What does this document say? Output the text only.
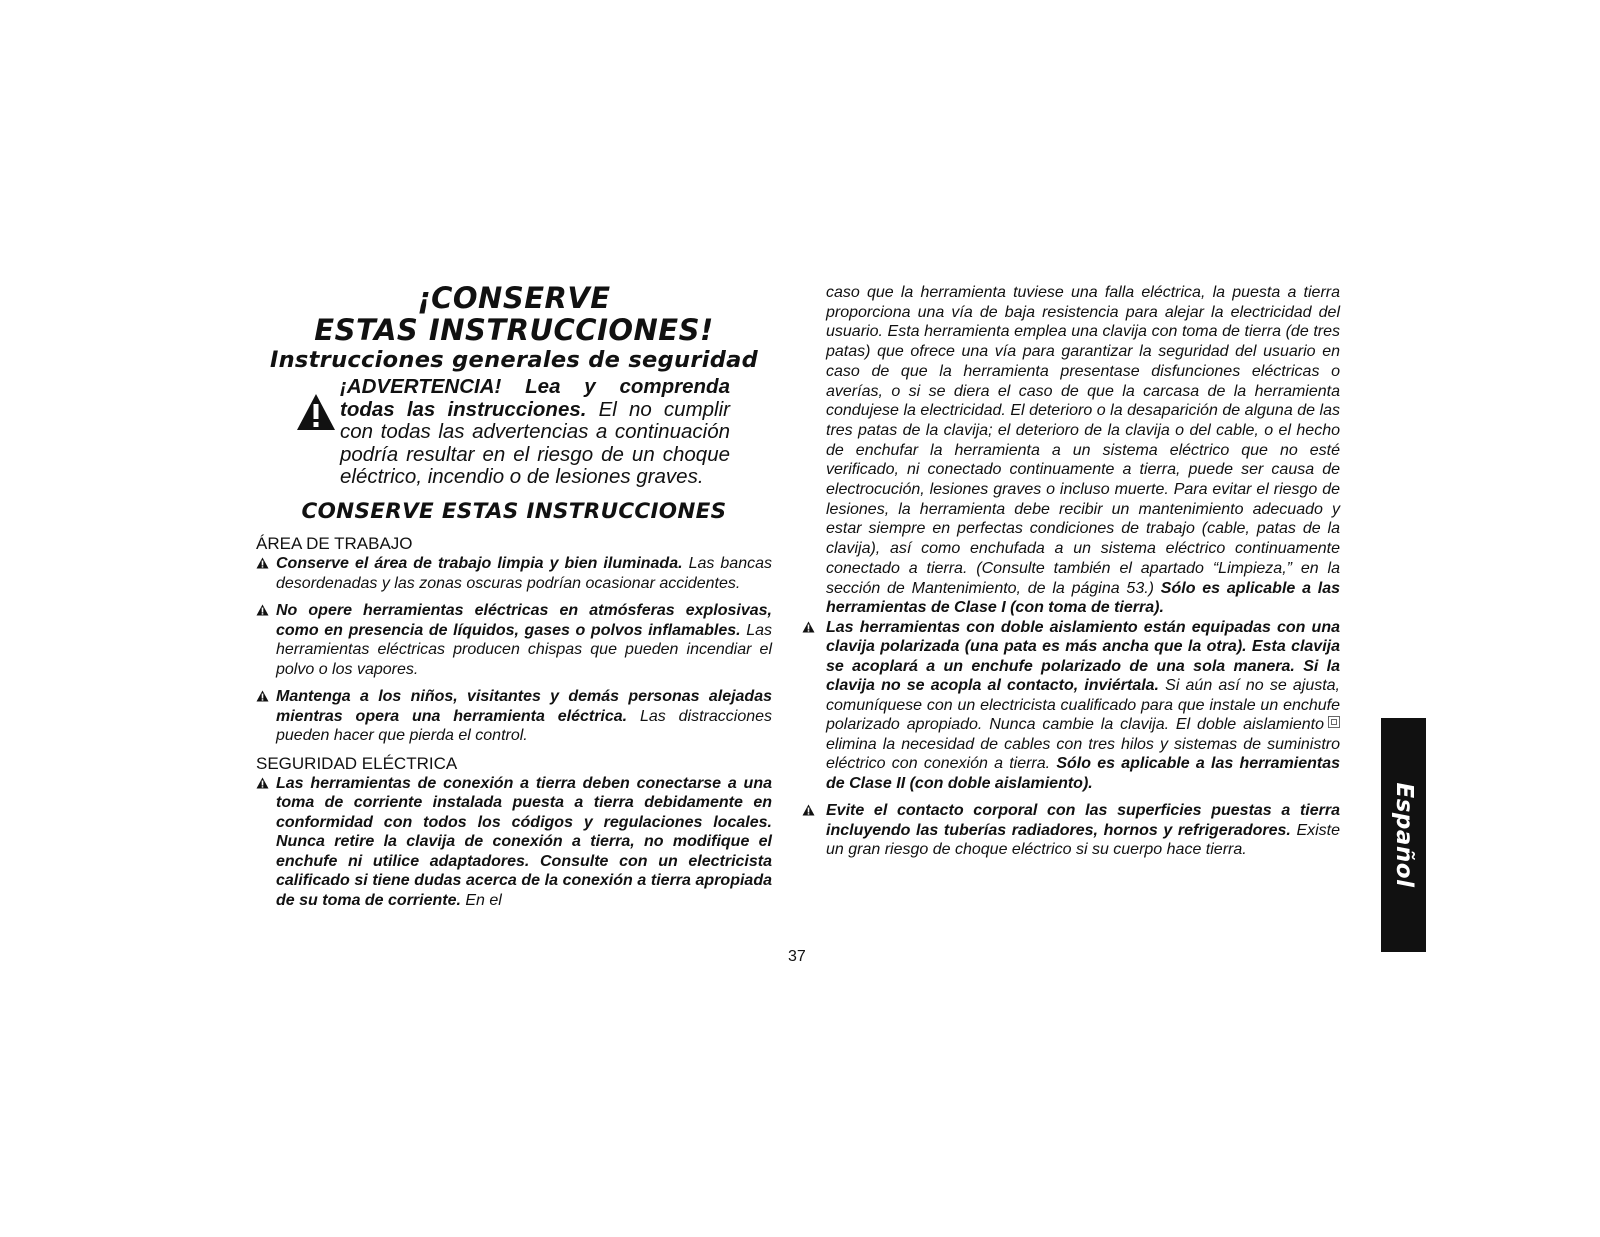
¡CONSERVE
ESTAS INSTRUCCIONES!
Instrucciones generales de seguridad
¡ADVERTENCIA! Lea y comprenda todas las instrucciones. El no cumplir con todas las advertencias a continuación podría resultar en el riesgo de un choque eléctrico, incendio o de lesiones graves.
CONSERVE ESTAS INSTRUCCIONES
ÁREA DE TRABAJO

Conserve el área de trabajo limpia y bien iluminada. Las bancas desordenadas y las zonas oscuras podrían ocasionar accidentes.

No opere herramientas eléctricas en atmósferas explosivas, como en presencia de líquidos, gases o polvos inflamables. Las herramientas eléctricas producen chispas que pueden incendiar el polvo o los vapores.

Mantenga a los niños, visitantes y demás personas alejadas mientras opera una herramienta eléctrica. Las distracciones pueden hacer que pierda el control.

SEGURIDAD ELÉCTRICA

Las herramientas de conexión a tierra deben conectarse a una toma de corriente instalada puesta a tierra debidamente en conformidad con todos los códigos y regulaciones locales. Nunca retire la clavija de conexión a tierra, no modifique el enchufe ni utilice adaptadores. Consulte con un electricista calificado si tiene dudas acerca de la conexión a tierra apropiada de su toma de corriente. En el

caso que la herramienta tuviese una falla eléctrica, la puesta a tierra proporciona una vía de baja resistencia para alejar la electricidad del usuario. Esta herramienta emplea una clavija con toma de tierra (de tres patas) que ofrece una vía para garantizar la seguridad del usuario en caso de que la herramienta presentase disfunciones eléctricas o averías, o si se diera el caso de que la carcasa de la herramienta condujese la electricidad. El deterioro o la desaparición de alguna de las tres patas de la clavija; el deterioro de la clavija o del cable, o el hecho de enchufar la herramienta a un sistema eléctrico que no esté verificado, ni conectado continuamente a tierra, puede ser causa de electrocución, lesiones graves o incluso muerte. Para evitar el riesgo de lesiones, la herramienta debe recibir un mantenimiento adecuado y estar siempre en perfectas condiciones de trabajo (cable, patas de la clavija), así como enchufada a un sistema eléctrico continuamente conectado a tierra. (Consulte también el apartado “Limpieza,” en la sección de Mantenimiento, de la página 53.) Sólo es aplicable a las herramientas de Clase I (con toma de tierra).

Las herramientas con doble aislamiento están equipadas con una clavija polarizada (una pata es más ancha que la otra). Esta clavija se acoplará a un enchufe polarizado de una sola manera. Si la clavija no se acopla al contacto, inviértala. Si aún así no se ajusta, comuníquese con un electricista cualificado para que instale un enchufe polarizado apropiado. Nunca cambie la clavija. El doble aislamiento elimina la necesidad de cables con tres hilos y sistemas de suministro eléctrico con conexión a tierra. Sólo es aplicable a las herramientas de Clase II (con doble aislamiento).

Evite el contacto corporal con las superficies puestas a tierra incluyendo las tuberías radiadores, hornos y refrigeradores. Existe un gran riesgo de choque eléctrico si su cuerpo hace tierra.

37
Español
